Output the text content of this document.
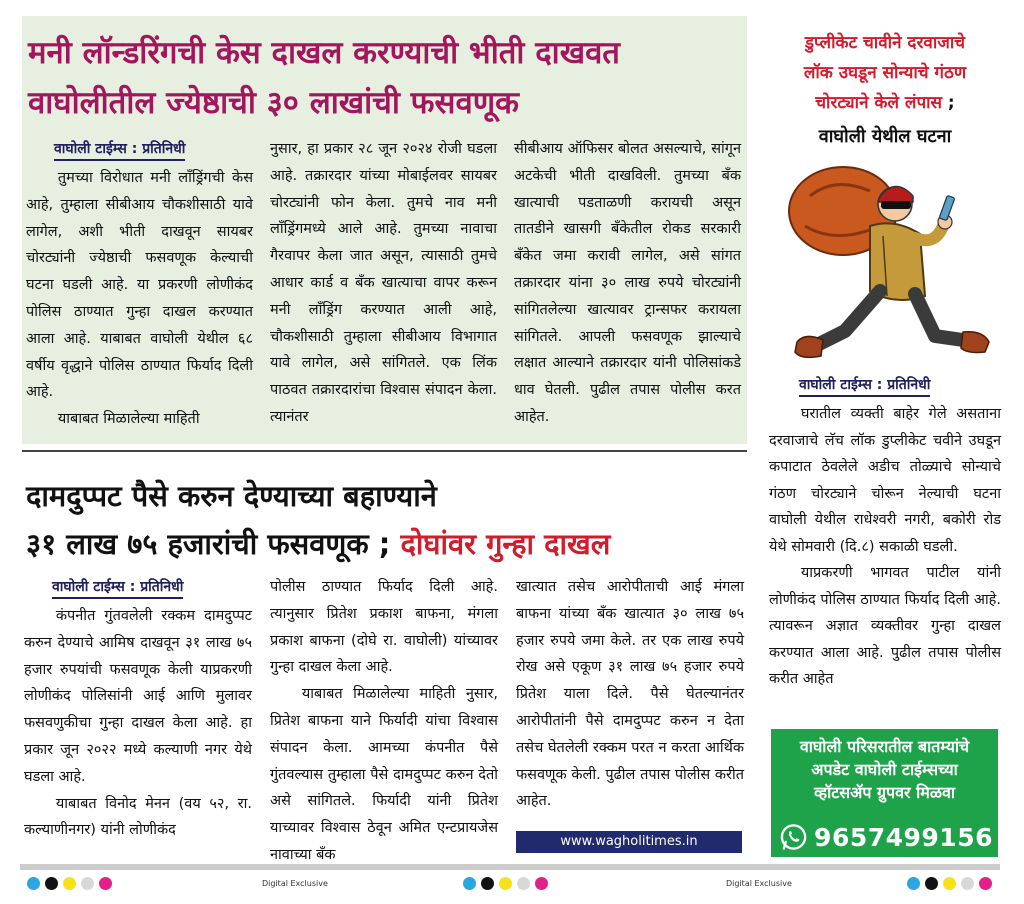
मनी लॉन्डरिंगची केस दाखल करण्याची भीती दाखवत
वाघोलीतील ज्येष्ठाची ३० लाखांची फसवणूक
वाघोली टाईम्स : प्रतिनिधी

तुमच्या विरोधात मनी लॉंड्रिंगची केस आहे, तुम्हाला सीबीआय चौकशीसाठी यावे लागेल, अशी भीती दाखवून सायबर चोरट्यांनी ज्येष्ठाची फसवणूक केल्याची घटना घडली आहे. या प्रकरणी लोणीकंद पोलिस ठाण्यात गुन्हा दाखल करण्यात आला आहे. याबाबत वाघोली येथील ६८ वर्षीय वृद्धाने पोलिस ठाण्यात फिर्याद दिली आहे.

याबाबत मिळालेल्या माहिती

नुसार, हा प्रकार २८ जून २०२४ रोजी घडला आहे. तक्रारदार यांच्या मोबाईलवर सायबर चोरट्यांनी फोन केला. तुमचे नाव मनी लॉंड्रिंगमध्ये आले आहे. तुमच्या नावाचा गैरवापर केला जात असून, त्यासाठी तुमचे आधार कार्ड व बँक खात्याचा वापर करून मनी लॉंड्रिंग करण्यात आली आहे, चौकशीसाठी तुम्हाला सीबीआय विभागात यावे लागेल, असे सांगितले. एक लिंक पाठवत तक्रारदारांचा विश्वास संपादन केला. त्यानंतर

सीबीआय ऑफिसर बोलत असल्याचे, सांगून अटकेची भीती दाखविली. तुमच्या बँक खात्याची पडताळणी करायची असून तातडीने खासगी बँकेतील रोकड सरकारी बँकेत जमा करावी लागेल, असे सांगत तक्रारदार यांना ३० लाख रुपये चोरट्यांनी सांगितलेल्या खात्यावर ट्रान्सफर करायला सांगितले. आपली फसवणूक झाल्याचे लक्षात आल्याने तक्रारदार यांनी पोलिसांकडे धाव घेतली. पुढील तपास पोलीस करत आहेत.

दामदुप्पट पैसे करुन देण्याच्या बहाण्याने
३१ लाख ७५ हजारांची फसवणूक ; दोघांवर गुन्हा दाखल
वाघोली टाईम्स : प्रतिनिधी

कंपनीत गुंतवलेली रक्कम दामदुप्पट करुन देण्याचे आमिष दाखवून ३१ लाख ७५ हजार रुपयांची फसवणूक केली याप्रकरणी लोणीकंद पोलिसांनी आई आणि मुलावर फसवणुकीचा गुन्हा दाखल केला आहे. हा प्रकार जून २०२२ मध्ये कल्याणी नगर येथे घडला आहे.

याबाबत विनोद मेनन (वय ५२, रा. कल्याणीनगर) यांनी लोणीकंद

पोलीस ठाण्यात फिर्याद दिली आहे. त्यानुसार प्रितेश प्रकाश बाफना, मंगला प्रकाश बाफना (दोघे रा. वाघोली) यांच्यावर गुन्हा दाखल केला आहे.

याबाबत मिळालेल्या माहिती नुसार, प्रितेश बाफना याने फिर्यादी यांचा विश्वास संपादन केला. आमच्या कंपनीत पैसे गुंतवल्यास तुम्हाला पैसे दामदुप्पट करुन देतो असे सांगितले. फिर्यादी यांनी प्रितेश याच्यावर विश्वास ठेवून अमित एन्टप्रायजेस नावाच्या बँक

खात्यात तसेच आरोपीताची आई मंगला बाफना यांच्या बँक खात्यात ३० लाख ७५ हजार रुपये जमा केले. तर एक लाख रुपये रोख असे एकूण ३१ लाख ७५ हजार रुपये प्रितेश याला दिले. पैसे घेतल्यानंतर आरोपीतांनी पैसे दामदुप्पट करुन न देता तसेच घेतलेली रक्कम परत न करता आर्थिक फसवणूक केली. पुढील तपास पोलीस करीत आहेत.

www.wagholitimes.in
डुप्लीकेट चावीने दरवाजाचे
लॉक उघडून सोन्याचे गंठण
चोरट्याने केले लंपास ;
वाघोली येथील घटना
वाघोली टाईम्स : प्रतिनिधी

घरातील व्यक्ती बाहेर गेले असताना दरवाजाचे लॅच लॉक डुप्लीकेट चवीने उघडून कपाटात ठेवलेले अडीच तोळ्याचे सोन्याचे गंठण चोरट्याने चोरून नेल्याची घटना वाघोली येथील राधेश्वरी नगरी, बकोरी रोड येथे सोमवारी (दि.८) सकाळी घडली.

याप्रकरणी भागवत पाटील यांनी लोणीकंद पोलिस ठाण्यात फिर्याद दिली आहे. त्यावरून अज्ञात व्यक्तीवर गुन्हा दाखल करण्यात आला आहे. पुढील तपास पोलीस करीत आहेत

वाघोली परिसरातील बातम्यांचे
अपडेट वाघोली टाईम्सच्या
व्हॉटसॲप ग्रुपवर मिळवा
9657499156
Digital Exclusive	Digital Exclusive
